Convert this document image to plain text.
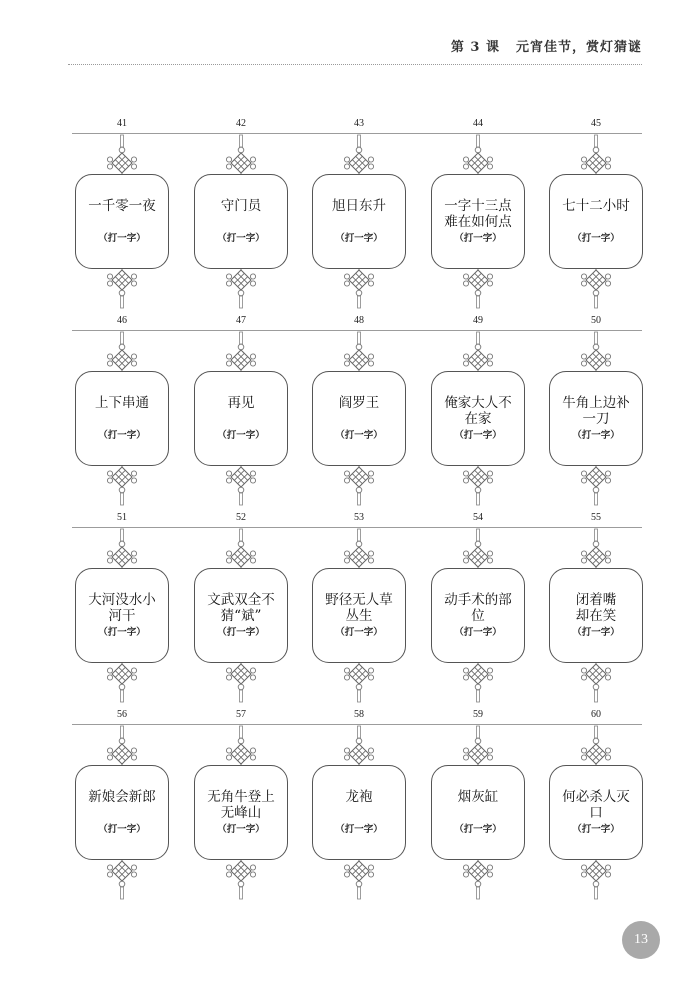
第 3 课 元宵佳节，赏灯猜谜
41
一千零一夜
（打一字）
42
守门员
（打一字）
43
旭日东升
（打一字）
44
一字十三点
难在如何点
（打一字）
45
七十二小时
（打一字）
46
上下串通
（打一字）
47
再见
（打一字）
48
阎罗王
（打一字）
49
俺家大人不
在家
（打一字）
50
牛角上边补
一刀
（打一字）
51
大河没水小
河干
（打一字）
52
文武双全不
猜“斌”
（打一字）
53
野径无人草
丛生
（打一字）
54
动手术的部
位
（打一字）
55
闭着嘴
却在笑
（打一字）
56
新娘会新郎
（打一字）
57
无角牛登上
无峰山
（打一字）
58
龙袍
（打一字）
59
烟灰缸
（打一字）
60
何必杀人灭
口
（打一字）
13
